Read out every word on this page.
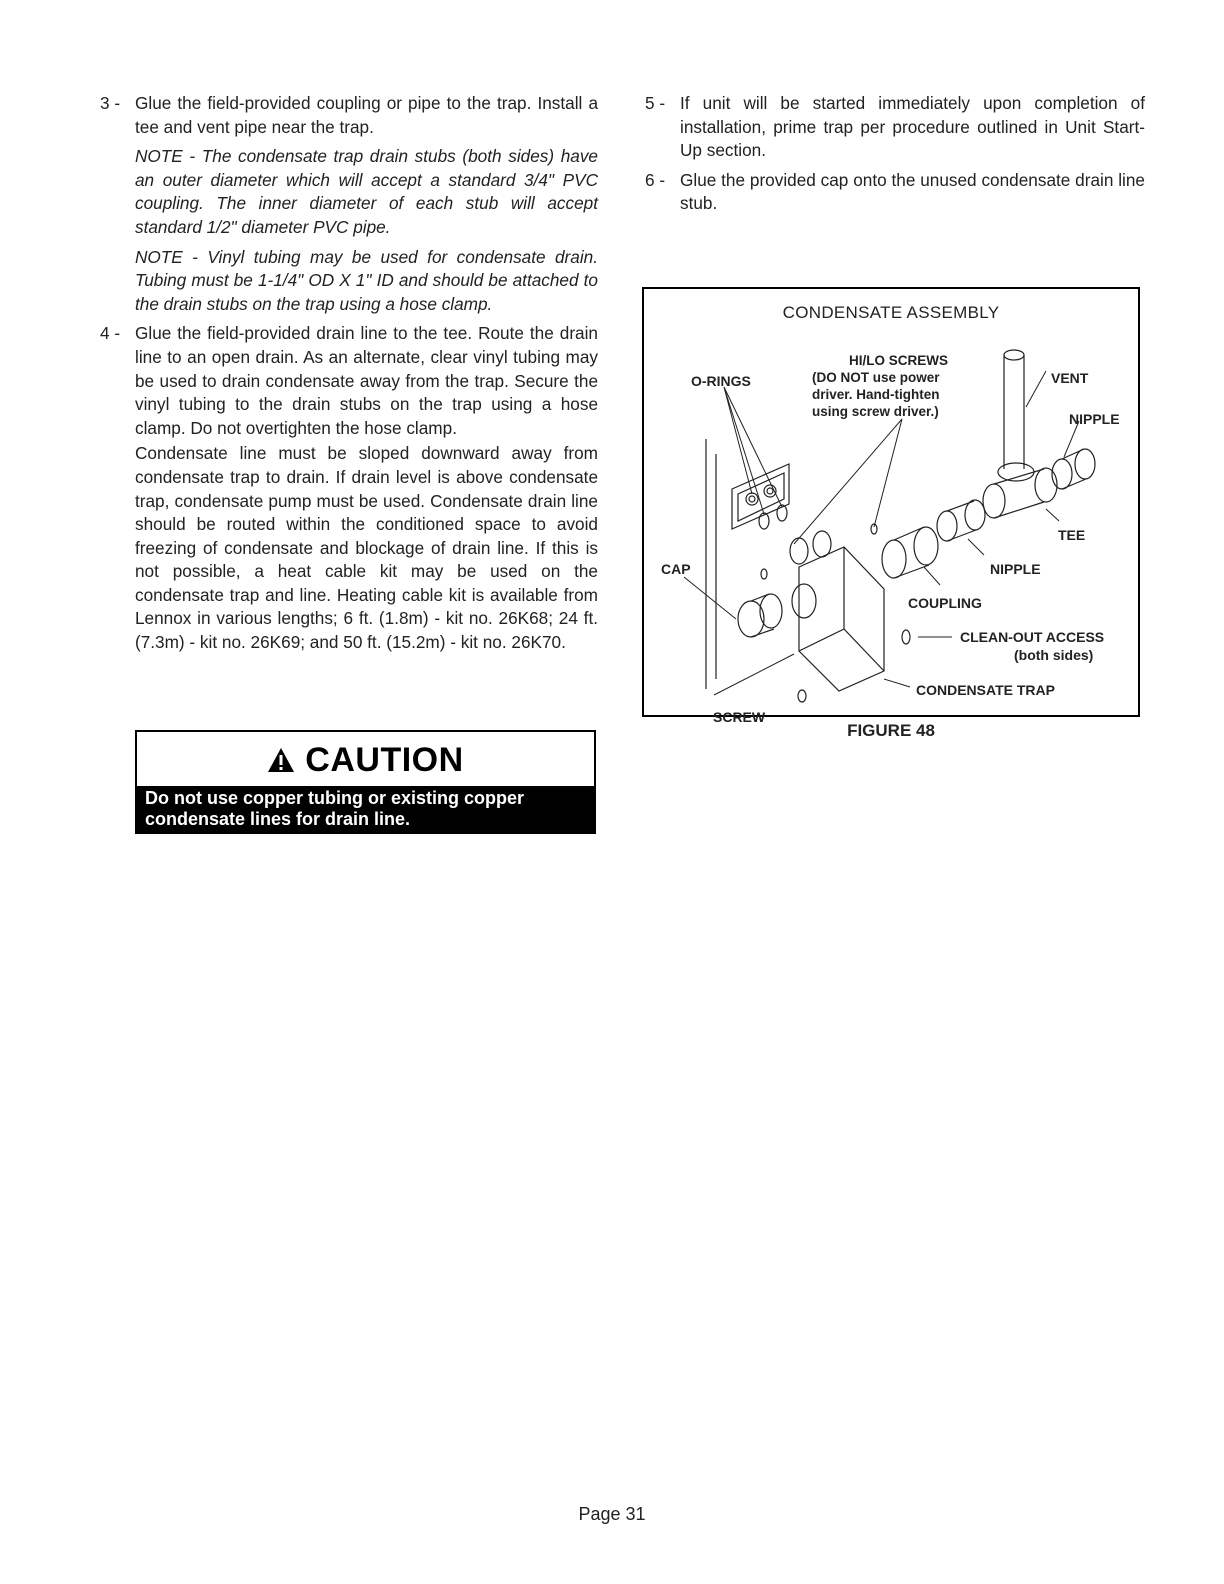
3 - Glue the field-provided coupling or pipe to the trap. Install a tee and vent pipe near the trap.

NOTE - The condensate trap drain stubs (both sides) have an outer diameter which will accept a standard 3/4" PVC coupling. The inner diameter of each stub will accept standard 1/2" diameter PVC pipe.

NOTE - Vinyl tubing may be used for condensate drain. Tubing must be 1-1/4" OD X 1" ID and should be attached to the drain stubs on the trap using a hose clamp.

4 - Glue the field-provided drain line to the tee. Route the drain line to an open drain. As an alternate, clear vinyl tubing may be used to drain condensate away from the trap. Secure the vinyl tubing to the drain stubs on the trap using a hose clamp. Do not overtighten the hose clamp.

Condensate line must be sloped downward away from condensate trap to drain. If drain level is above condensate trap, condensate pump must be used. Condensate drain line should be routed within the conditioned space to avoid freezing of condensate and blockage of drain line. If this is not possible, a heat cable kit may be used on the condensate trap and line. Heating cable kit is available from Lennox in various lengths; 6 ft. (1.8m) - kit no. 26K68; 24 ft. (7.3m) - kit no. 26K69; and 50 ft. (15.2m) - kit no. 26K70.

CAUTION
Do not use copper tubing or existing copper condensate lines for drain line.
5 - If unit will be started immediately upon completion of installation, prime trap per procedure outlined in Unit Start-Up section.
6 - Glue the provided cap onto the unused condensate drain line stub.
CONDENSATE ASSEMBLY
HI/LO SCREWS
(DO NOT use power
driver. Hand-tighten
using screw driver.)
O-RINGS	VENT
NIPPLE
TEE
CAP	NIPPLE
COUPLING
CLEAN-OUT ACCESS
(both sides)
CONDENSATE TRAP
SCREW
FIGURE 48
Page 31
